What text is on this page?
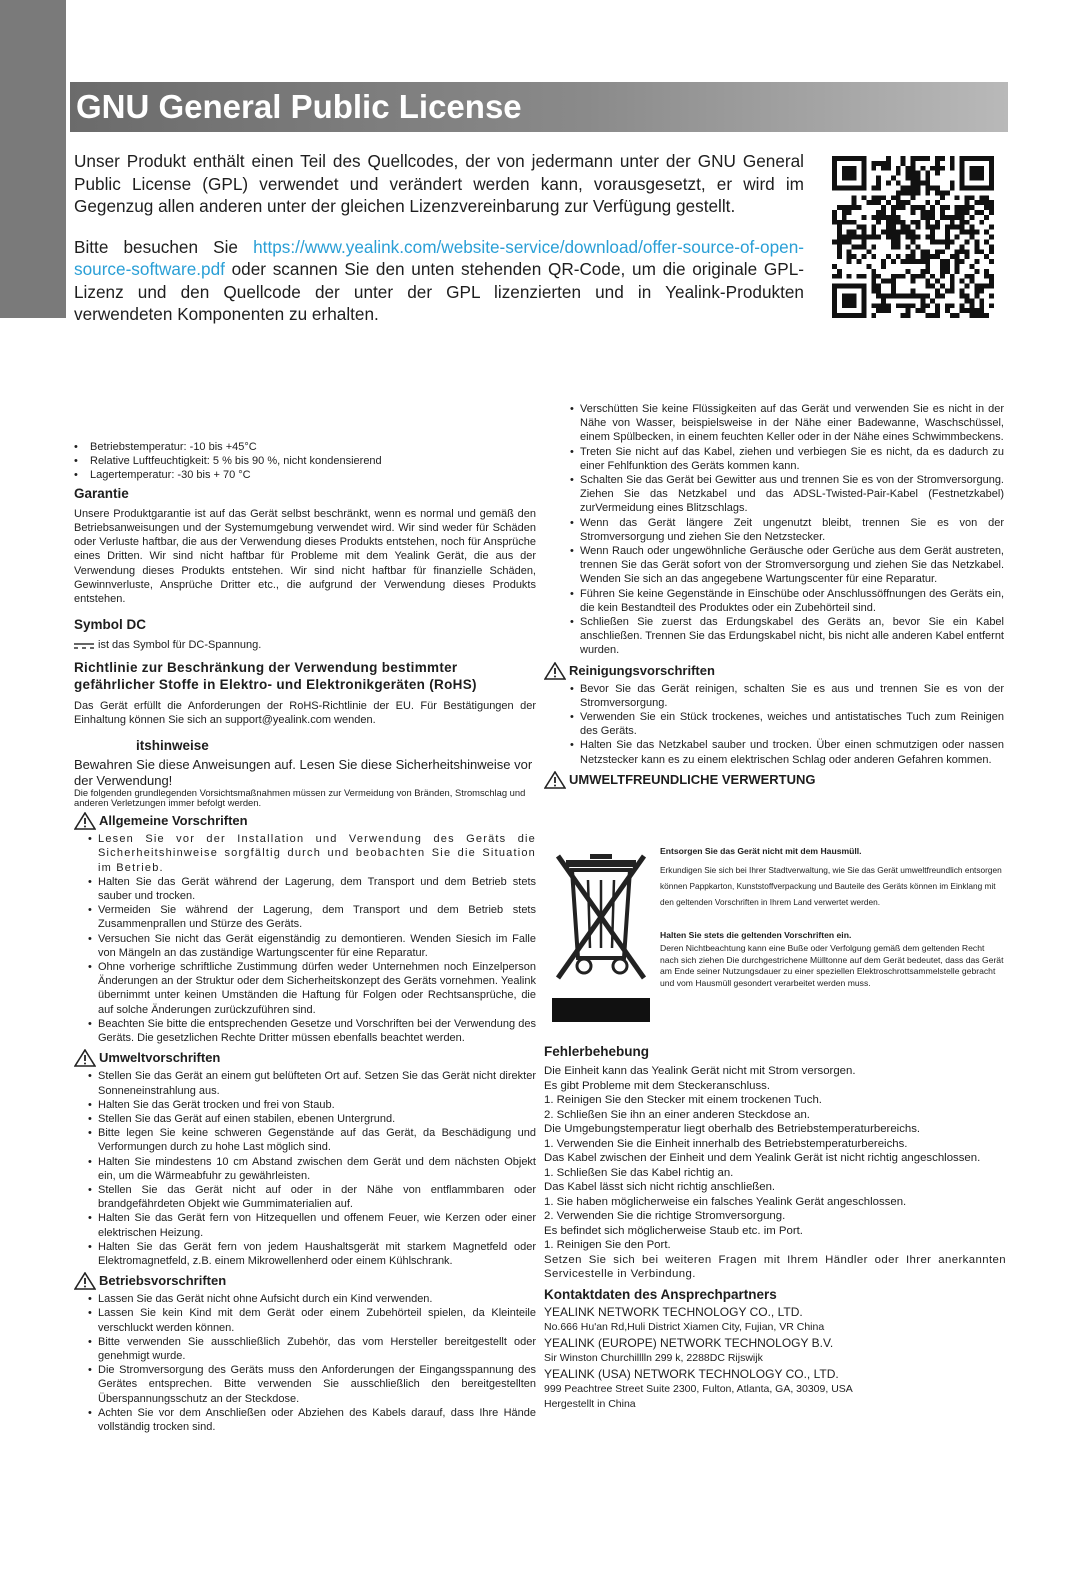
GNU General Public License

Unser Produkt enthält einen Teil des Quellcodes, der von jedermann unter der GNU General Public License (GPL) verwendet und verändert werden kann, vorausgesetzt, er wird im Gegenzug allen anderen unter der gleichen Lizenzvereinbarung zur Verfügung gestellt.

Bitte besuchen Sie https://www.yealink.com/website-service/download/offer-source-of-open-source-software.pdf oder scannen Sie den unten stehenden QR-Code, um die originale GPL-Lizenz und den Quellcode der unter der GPL lizenzierten und in Yealink-Produkten verwendeten Komponenten zu erhalten.

• Betriebstemperatur: -10 bis +45°C
• Relative Luftfeuchtigkeit: 5 % bis 90 %, nicht kondensierend
• Lagertemperatur: -30 bis + 70 °C
Garantie

Unsere Produktgarantie ist auf das Gerät selbst beschränkt, wenn es normal und gemäß den Betriebsanweisungen und der Systemumgebung verwendet wird. Wir sind weder für Schäden oder Verluste haftbar, die aus der Verwendung dieses Produkts entstehen, noch für Ansprüche eines Dritten. Wir sind nicht haftbar für Probleme mit dem Yealink Gerät, die aus der Verwendung dieses Produkts entstehen. Wir sind nicht haftbar für finanzielle Schäden, Gewinnverluste, Ansprüche Dritter etc., die aufgrund der Verwendung dieses Produkts entstehen.

Symbol DC

ist das Symbol für DC-Spannung.

Richtlinie zur Beschränkung der Verwendung bestimmter gefährlicher Stoffe in Elektro- und Elektronikgeräten (RoHS)

Das Gerät erfüllt die Anforderungen der RoHS-Richtlinie der EU. Für Bestätigungen der Einhaltung können Sie sich an support@yealink.com wenden.

itshinweise

Bewahren Sie diese Anweisungen auf. Lesen Sie diese Sicherheitshinweise vor der Verwendung!

Die folgenden grundlegenden Vorsichtsmaßnahmen müssen zur Vermeidung von Bränden, Stromschlag und anderen Verletzungen immer befolgt werden.

Allgemeine Vorschriften
• Lesen Sie vor der Installation und Verwendung des Geräts die Sicherheitshinweise sorgfältig durch und beobachten Sie die Situation im Betrieb.
• Halten Sie das Gerät während der Lagerung, dem Transport und dem Betrieb stets sauber und trocken.
• Vermeiden Sie während der Lagerung, dem Transport und dem Betrieb stets Zusammenprallen und Stürze des Geräts.
• Versuchen Sie nicht das Gerät eigenständig zu demontieren. Wenden Siesich im Falle von Mängeln an das zuständige Wartungscenter für eine Reparatur.
• Ohne vorherige schriftliche Zustimmung dürfen weder Unternehmen noch Einzelperson Änderungen an der Struktur oder dem Sicherheitskonzept des Geräts vornehmen. Yealink übernimmt unter keinen Umständen die Haftung für Folgen oder Rechtsansprüche, die auf solche Änderungen zurückzuführen sind.
• Beachten Sie bitte die entsprechenden Gesetze und Vorschriften bei der Verwendung des Geräts. Die gesetzlichen Rechte Dritter müssen ebenfalls beachtet werden.
Umweltvorschriften
• Stellen Sie das Gerät an einem gut belüfteten Ort auf. Setzen Sie das Gerät nicht direkter Sonneneinstrahlung aus.
• Halten Sie das Gerät trocken und frei von Staub.
• Stellen Sie das Gerät auf einen stabilen, ebenen Untergrund.
• Bitte legen Sie keine schweren Gegenstände auf das Gerät, da Beschädigung und Verformungen durch zu hohe Last möglich sind.
• Halten Sie mindestens 10 cm Abstand zwischen dem Gerät und dem nächsten Objekt ein, um die Wärmeabfuhr zu gewährleisten.
• Stellen Sie das Gerät nicht auf oder in der Nähe von entflammbaren oder brandgefährdeten Objekt wie Gummimaterialien auf.
• Halten Sie das Gerät fern von Hitzequellen und offenem Feuer, wie Kerzen oder einer elektrischen Heizung.
• Halten Sie das Gerät fern von jedem Haushaltsgerät mit starkem Magnetfeld oder Elektromagnetfeld, z.B. einem Mikrowellenherd oder einem Kühlschrank.
Betriebsvorschriften
• Lassen Sie das Gerät nicht ohne Aufsicht durch ein Kind verwenden.
• Lassen Sie kein Kind mit dem Gerät oder einem Zubehörteil spielen, da Kleinteile verschluckt werden können.
• Bitte verwenden Sie ausschließlich Zubehör, das vom Hersteller bereitgestellt oder genehmigt wurde.
• Die Stromversorgung des Geräts muss den Anforderungen der Eingangsspannung des Gerätes entsprechen. Bitte verwenden Sie ausschließlich den bereitgestellten Überspannungsschutz an der Steckdose.
• Achten Sie vor dem Anschließen oder Abziehen des Kabels darauf, dass Ihre Hände vollständig trocken sind.
• Verschütten Sie keine Flüssigkeiten auf das Gerät und verwenden Sie es nicht in der Nähe von Wasser, beispielsweise in der Nähe einer Badewanne, Waschschüssel, einem Spülbecken, in einem feuchten Keller oder in der Nähe eines Schwimmbeckens.
• Treten Sie nicht auf das Kabel, ziehen und verbiegen Sie es nicht, da es dadurch zu einer Fehlfunktion des Geräts kommen kann.
• Schalten Sie das Gerät bei Gewitter aus und trennen Sie es von der Stromversorgung. Ziehen Sie das Netzkabel und das ADSL-Twisted-Pair-Kabel (Festnetzkabel) zurVermeidung eines Blitzschlags.
• Wenn das Gerät längere Zeit ungenutzt bleibt, trennen Sie es von der Stromversorgung und ziehen Sie den Netzstecker.
• Wenn Rauch oder ungewöhnliche Geräusche oder Gerüche aus dem Gerät austreten, trennen Sie das Gerät sofort von der Stromversorgung und ziehen Sie das Netzkabel. Wenden Sie sich an das angegebene Wartungscenter für eine Reparatur.
• Führen Sie keine Gegenstände in Einschübe oder Anschlussöffnungen des Geräts ein, die kein Bestandteil des Produktes oder ein Zubehörteil sind.
• Schließen Sie zuerst das Erdungskabel des Geräts an, bevor Sie ein Kabel anschließen. Trennen Sie das Erdungskabel nicht, bis nicht alle anderen Kabel entfernt wurden.
Reinigungsvorschriften
• Bevor Sie das Gerät reinigen, schalten Sie es aus und trennen Sie es von der Stromversorgung.
• Verwenden Sie ein Stück trockenes, weiches und antistatisches Tuch zum Reinigen des Geräts.
• Halten Sie das Netzkabel sauber und trocken. Über einen schmutzigen oder nassen Netzstecker kann es zu einem elektrischen Schlag oder anderen Gefahren kommen.
UMWELTFREUNDLICHE VERWERTUNG
Entsorgen Sie das Gerät nicht mit dem Hausmüll.
Erkundigen Sie sich bei Ihrer Stadtverwaltung, wie Sie das Gerät umweltfreundlich entsorgen können Pappkarton, Kunststoffverpackung und Bauteile des Geräts können im Einklang mit den geltenden Vorschriften in Ihrem Land verwertet werden.
Halten Sie stets die geltenden Vorschriften ein.
Deren Nichtbeachtung kann eine Buße oder Verfolgung gemäß dem geltenden Recht nach sich ziehen Die durchgestrichene Mülltonne auf dem Gerät bedeutet, dass das Gerät am Ende seiner Nutzungsdauer zu einer speziellen Elektroschrottsammelstelle gebracht und vom Hausmüll gesondert verarbeitet werden muss.
Fehlerbehebung
Die Einheit kann das Yealink Gerät nicht mit Strom versorgen.
Es gibt Probleme mit dem Steckeranschluss.
1. Reinigen Sie den Stecker mit einem trockenen Tuch.
2. Schließen Sie ihn an einer anderen Steckdose an.
Die Umgebungstemperatur liegt oberhalb des Betriebstemperaturbereichs.
1. Verwenden Sie die Einheit innerhalb des Betriebstemperaturbereichs.
Das Kabel zwischen der Einheit und dem Yealink Gerät ist nicht richtig angeschlossen.
1. Schließen Sie das Kabel richtig an.
Das Kabel lässt sich nicht richtig anschließen.
1. Sie haben möglicherweise ein falsches Yealink Gerät angeschlossen.
2. Verwenden Sie die richtige Stromversorgung.
Es befindet sich möglicherweise Staub etc. im Port.
1. Reinigen Sie den Port.
Setzen Sie sich bei weiteren Fragen mit Ihrem Händler oder Ihrer anerkannten Servicestelle in Verbindung.
Kontaktdaten des Ansprechpartners
YEALINK NETWORK TECHNOLOGY CO., LTD.
No.666 Hu'an Rd,Huli District Xiamen City, Fujian, VR China
YEALINK (EUROPE) NETWORK TECHNOLOGY B.V.
Sir Winston Churchilllln 299 k, 2288DC Rijswijk
YEALINK (USA) NETWORK TECHNOLOGY CO., LTD.
999 Peachtree Street Suite 2300, Fulton, Atlanta, GA, 30309, USA
Hergestellt in China
